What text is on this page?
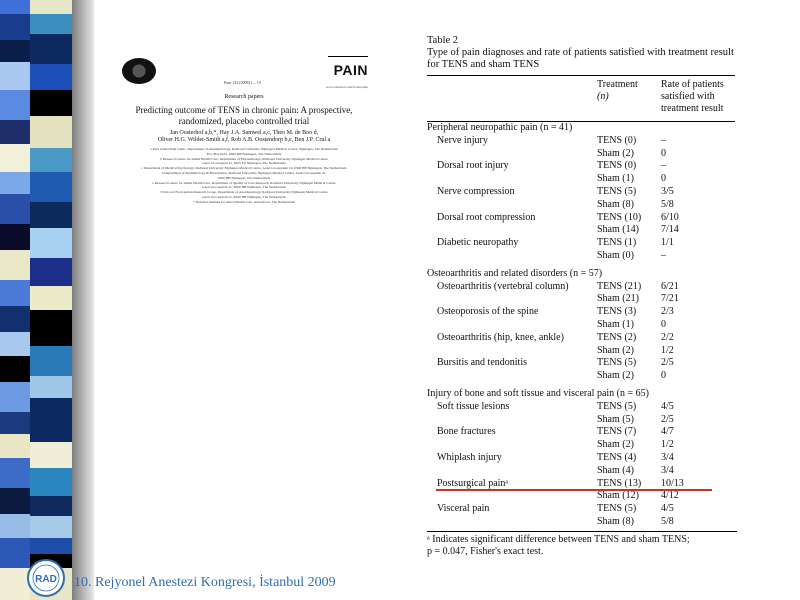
Pain 134 (2008) 1 – 10
PAIN
www.elsevier.com/locate/pain
Research papers
Predicting outcome of TENS in chronic pain: A prospective,
randomized, placebo controlled trial
Jan Oosterhof a,b,*, Hay J.A. Samwel a,c, Theo M. de Boo d,
Oliver H.G. Wilder-Smith a,f, Rob A.B. Oostendorp b,e, Ben J.P. Crul a
a Pain Centre/Pain Clinic, Department of Anesthesiology, Radboud University Nijmegen Medical Centre, Nijmegen, The Netherlands
P.O. Box 9101, 6500 HB Nijmegen, The Netherlands
b Research Centre for Allied Health Care, Department of Physiotherapy, Radboud University Nijmegen Medical Centre
Geert Grooteplein 21, 6525 EZ Nijmegen, The Netherlands
c Department of Medical Psychology, Radboud University Nijmegen Medical Centre, Geert Grooteplein 10, 6500 HB Nijmegen, The Netherlands
d Department of Epidemiology & Biostatistics, Radboud University Nijmegen Medical Centre, Geert Grooteplein 21,
6500 HB Nijmegen, The Netherlands
e Research Centre for Allied Health Care, Department of Quality of Care Research, Radboud University Nijmegen Medical Centre
Geert Grooteplein 21, 6500 HB Nijmegen, The Netherlands
f Pain and Nociception Research Group, Department of Anesthesiology, Radboud University Nijmegen Medical Centre
Geert Grooteplein 21, 6500 HB Nijmegen, The Netherlands
* National Institute for Allied Health Care, Amersfoort, The Netherlands
Table 2
Type of pain diagnoses and rate of patients satisfied with treatment result for TENS and sham TENS
Treatment
(n)
Rate of patients
satisfied with
treatment result
Peripheral neuropathic pain (n = 41)
Nerve injury	TENS (0) –
Sham (2)	0
Dorsal root injury	TENS (0) –
Sham (1)	0
Nerve compression	TENS (5) 3/5
Sham (8)	5/8
Dorsal root compression	TENS (10) 6/10
Sham (14) 7/14
Diabetic neuropathy	TENS (1) 1/1
Sham (0)	–
Osteoarthritis and related disorders (n = 57)
Osteoarthritis (vertebral column)	TENS (21) 6/21
Sham (21) 7/21
Osteoporosis of the spine	TENS (3) 2/3
Sham (1)	0
Osteoarthritis (hip, knee, ankle)	TENS (2) 2/2
Sham (2)	1/2
Bursitis and tendonitis	TENS (5) 2/5
Sham (2)	0
Injury of bone and soft tissue and visceral pain (n = 65)
Soft tissue lesions	TENS (5) 4/5
Sham (5)	2/5
Bone fractures	TENS (7) 4/7
Sham (2)	1/2
Whiplash injury	TENS (4) 3/4
Sham (4)	3/4
Postsurgical painᵃ	TENS (13) 10/13
Sham (12) 4/12
Visceral pain	TENS (5) 4/5
Sham (8)	5/8
ᵃ Indicates significant difference between TENS and sham TENS;
p = 0.047, Fisher's exact test.
RAD 10. Rejyonel Anestezi Kongresi, İstanbul 2009
